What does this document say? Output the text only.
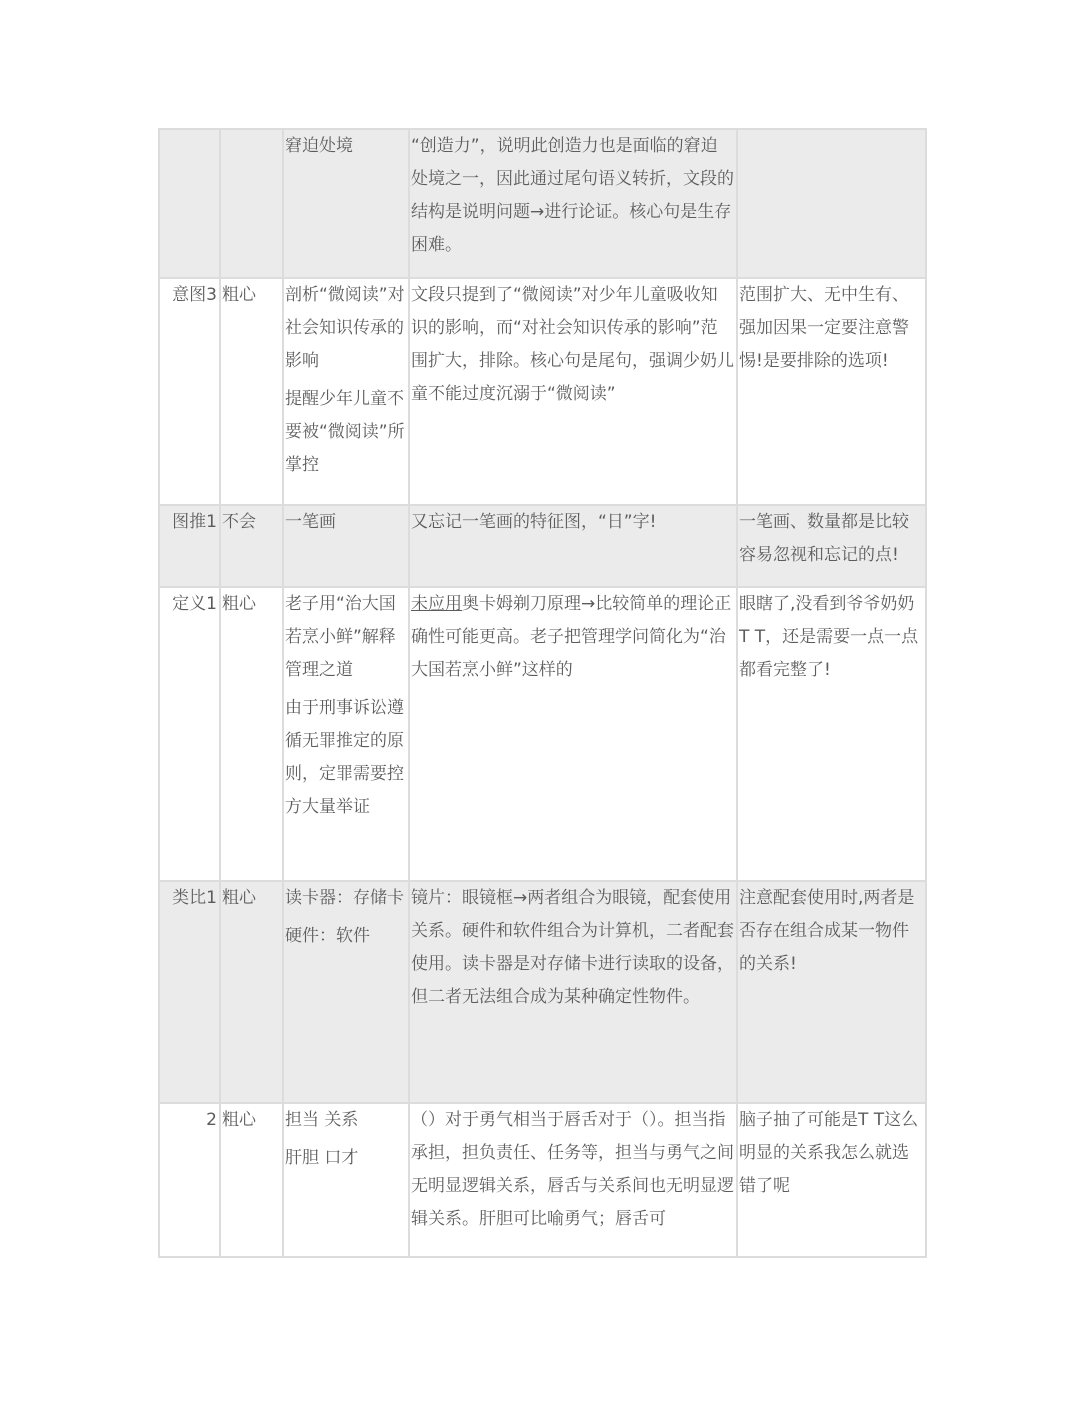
		窘迫处境	“创造力”，说明此创造力也是面临的窘迫处境之一，因此通过尾句语义转折，文段的结构是说明问题→进行论证。核心句是生存困难。	

意图3	粗心	剖析“微阅读”对社会知识传承的影响

提醒少年儿童不要被“微阅读”所掌控	文段只提到了“微阅读”对少年儿童吸收知识的影响，而“对社会知识传承的影响”范围扩大，排除。核心句是尾句，强调少奶儿童不能过度沉溺于“微阅读”	范围扩大、无中生有、强加因果一定要注意警惕!是要排除的选项!

图推1	不会	一笔画	又忘记一笔画的特征图，“日”字!	一笔画、数量都是比较容易忽视和忘记的点!

定义1	粗心	老子用“治大国若烹小鲜”解释管理之道

由于刑事诉讼遵循无罪推定的原则，定罪需要控方大量举证	未应用奥卡姆剃刀原理→比较简单的理论正确性可能更高。老子把管理学问简化为“治大国若烹小鲜”这样的	眼瞎了,没看到爷爷奶奶T T，还是需要一点一点都看完整了!

类比1	粗心	读卡器：存储卡

硬件：软件	镜片：眼镜框→两者组合为眼镜，配套使用关系。硬件和软件组合为计算机，二者配套使用。读卡器是对存储卡进行读取的设备，但二者无法组合成为某种确定性物件。	注意配套使用时,两者是否存在组合成某一物件的关系!

2	粗心	担当 关系

肝胆 口才	（）对于勇气相当于唇舌对于（）。担当指承担，担负责任、任务等，担当与勇气之间无明显逻辑关系，唇舌与关系间也无明显逻辑关系。肝胆可比喻勇气；唇舌可	脑子抽了可能是T T这么明显的关系我怎么就选错了呢
